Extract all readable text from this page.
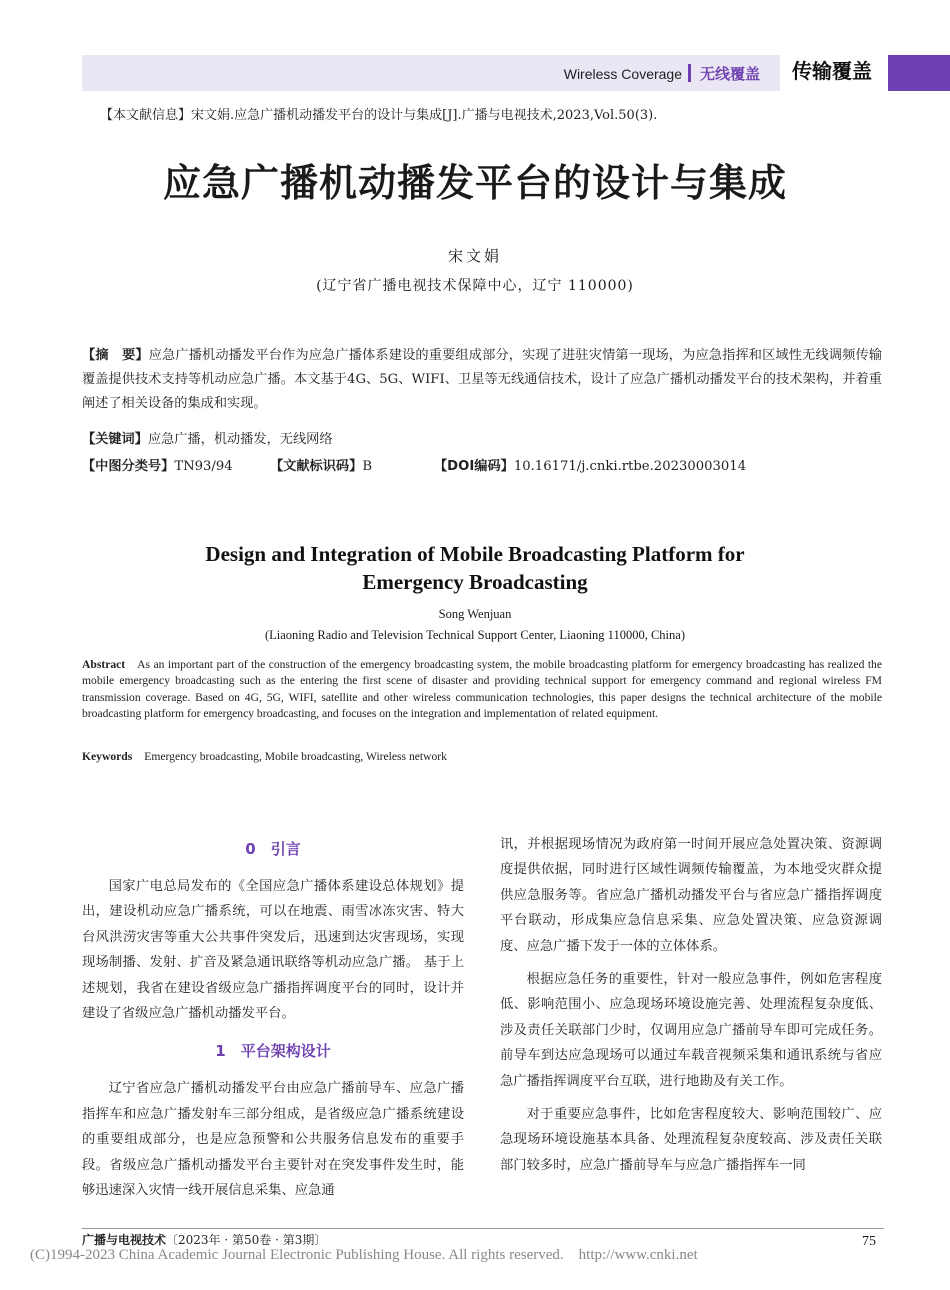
Wireless Coverage 无线覆盖	传输覆盖
【本文献信息】宋文娟.应急广播机动播发平台的设计与集成[J].广播与电视技术,2023,Vol.50(3).
应急广播机动播发平台的设计与集成
宋文娟
(辽宁省广播电视技术保障中心，辽宁 110000)
【摘　要】应急广播机动播发平台作为应急广播体系建设的重要组成部分，实现了进驻灾情第一现场，为应急指挥和区域性无线调频传输覆盖提供技术支持等机动应急广播。本文基于4G、5G、WIFI、卫星等无线通信技术，设计了应急广播机动播发平台的技术架构，并着重阐述了相关设备的集成和实现。
【关键词】应急广播，机动播发，无线网络
【中图分类号】TN93/94	【文献标识码】B	【DOI编码】10.16171/j.cnki.rtbe.20230003014
Design and Integration of Mobile Broadcasting Platform for
Emergency Broadcasting
Song Wenjuan
(Liaoning Radio and Television Technical Support Center, Liaoning 110000, China)
Abstract As an important part of the construction of the emergency broadcasting system, the mobile broadcasting platform for emergency broadcasting has realized the mobile emergency broadcasting such as the entering the first scene of disaster and providing technical support for emergency command and regional wireless FM transmission coverage. Based on 4G, 5G, WIFI, satellite and other wireless communication technologies, this paper designs the technical architecture of the mobile broadcasting platform for emergency broadcasting, and focuses on the integration and implementation of related equipment.
Keywords Emergency broadcasting, Mobile broadcasting, Wireless network
0　引言

国家广电总局发布的《全国应急广播体系建设总体规划》提出，建设机动应急广播系统，可以在地震、雨雪冰冻灾害、特大台风洪涝灾害等重大公共事件突发后，迅速到达灾害现场，实现现场制播、发射、扩音及紧急通讯联络等机动应急广播。 基于上述规划，我省在建设省级应急广播指挥调度平台的同时，设计并建设了省级应急广播机动播发平台。

辽宁省应急广播机动播发平台由应急广播前导车、应急广播指挥车和应急广播发射车三部分组成，是省级应急广播系统建设的重要组成部分，也是应急预警和公共服务信息发布的重要手段。省级应急广播机动播发平台主要针对在突发事件发生时，能够迅速深入灾情一线开展信息采集、应急通

1　平台架构设计

讯，并根据现场情况为政府第一时间开展应急处置决策、资源调度提供依据，同时进行区域性调频传输覆盖，为本地受灾群众提供应急服务等。省应急广播机动播发平台与省应急广播指挥调度平台联动，形成集应急信息采集、应急处置决策、应急资源调度、应急广播下发于一体的立体体系。

根据应急任务的重要性，针对一般应急事件，例如危害程度低、影响范围小、应急现场环境设施完善、处理流程复杂度低、涉及责任关联部门少时，仅调用应急广播前导车即可完成任务。前导车到达应急现场可以通过车载音视频采集和通讯系统与省应急广播指挥调度平台互联，进行地勘及有关工作。

对于重要应急事件，比如危害程度较大、影响范围较广、应急现场环境设施基本具备、处理流程复杂度较高、涉及责任关联部门较多时，应急广播前导车与应急广播指挥车一同

广播与电视技术〔2023年 · 第50卷 · 第3期〕	75
(C)1994-2023 China Academic Journal Electronic Publishing House. All rights reserved.　http://www.cnki.net
